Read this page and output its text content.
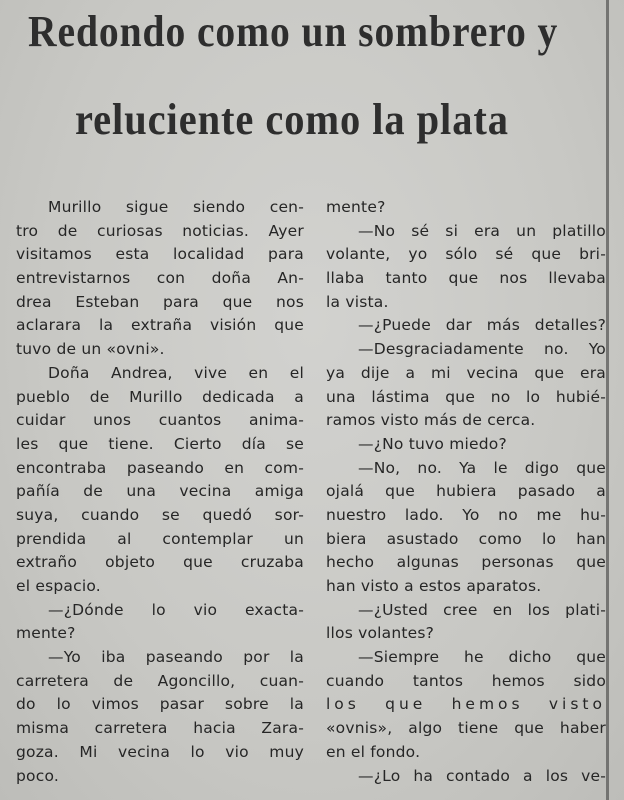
Redondo como un sombrero y
reluciente como la plata
Murillo sigue siendo cen-
tro de curiosas noticias. Ayer
visitamos esta localidad para
entrevistarnos con doña An-
drea Esteban para que nos
aclarara la extraña visión que
tuvo de un «ovni».
Doña Andrea, vive en el
pueblo de Murillo dedicada a
cuidar unos cuantos anima-
les que tiene. Cierto día se
encontraba paseando en com-
pañía de una vecina amiga
suya, cuando se quedó sor-
prendida al contemplar un
extraño objeto que cruzaba
el espacio.
—¿Dónde lo vio exacta-
mente?
—Yo iba paseando por la
carretera de Agoncillo, cuan-
do lo vimos pasar sobre la
misma carretera hacia Zara-
goza. Mi vecina lo vio muy
poco.
mente?
—No sé si era un platillo
volante, yo sólo sé que bri-
llaba tanto que nos llevaba
la vista.
—¿Puede dar más detalles?
—Desgraciadamente no. Yo
ya dije a mi vecina que era
una lástima que no lo hubié-
ramos visto más de cerca.
—¿No tuvo miedo?
—No, no. Ya le digo que
ojalá que hubiera pasado a
nuestro lado. Yo no me hu-
biera asustado como lo han
hecho algunas personas que
han visto a estos aparatos.
—¿Usted cree en los plati-
llos volantes?
—Siempre he dicho que
cuando tantos hemos sido
los que hemos visto
«ovnis», algo tiene que haber
en el fondo.
—¿Lo ha contado a los ve-
